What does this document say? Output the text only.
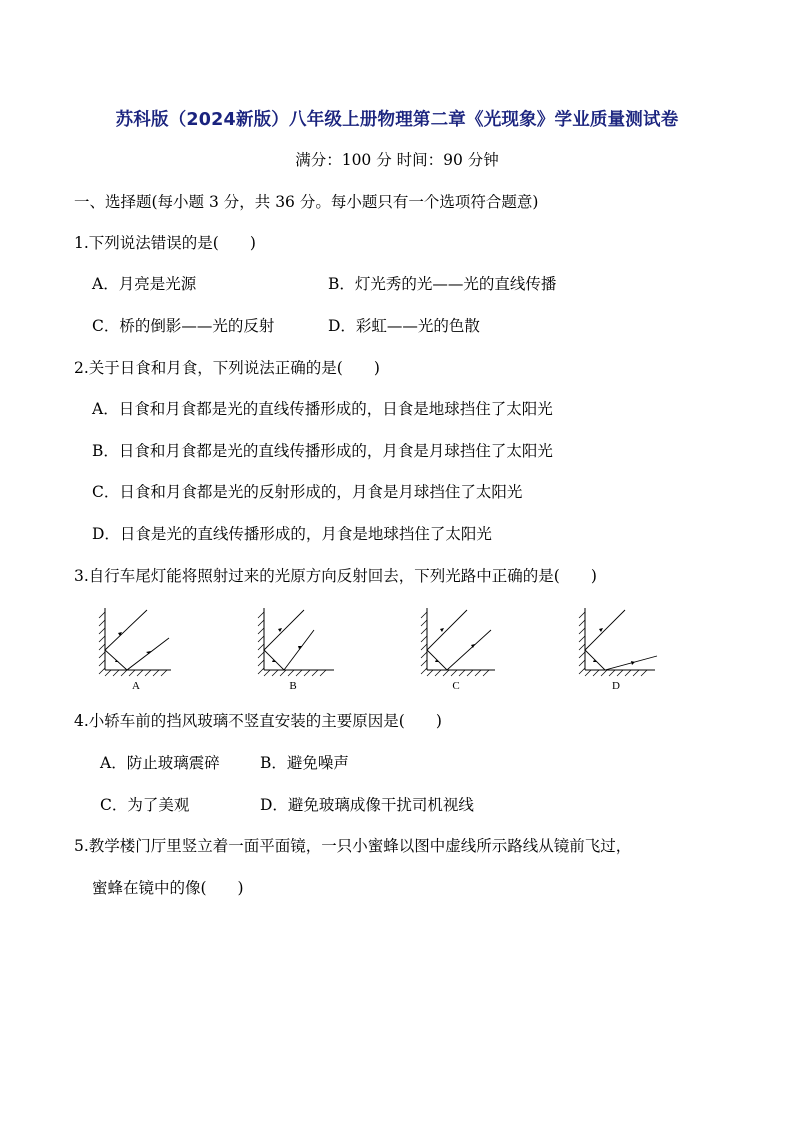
苏科版（2024新版）八年级上册物理第二章《光现象》学业质量测试卷
满分：100 分 时间：90 分钟
一、选择题(每小题 3 分，共 36 分。每小题只有一个选项符合题意)
1.下列说法错误的是(　　)
A．月亮是光源	B．灯光秀的光——光的直线传播
C．桥的倒影——光的反射	D．彩虹——光的色散
2.关于日食和月食，下列说法正确的是(　　)
A．日食和月食都是光的直线传播形成的，日食是地球挡住了太阳光
B．日食和月食都是光的直线传播形成的，月食是月球挡住了太阳光
C．日食和月食都是光的反射形成的，月食是月球挡住了太阳光
D．日食是光的直线传播形成的，月食是地球挡住了太阳光
3.自行车尾灯能将照射过来的光原方向反射回去，下列光路中正确的是(　　)
A	B	C	D
4.小轿车前的挡风玻璃不竖直安装的主要原因是(　　)
A．防止玻璃震碎	B．避免噪声
C．为了美观	D．避免玻璃成像干扰司机视线
5.教学楼门厅里竖立着一面平面镜，一只小蜜蜂以图中虚线所示路线从镜前飞过，
蜜蜂在镜中的像(　　)
